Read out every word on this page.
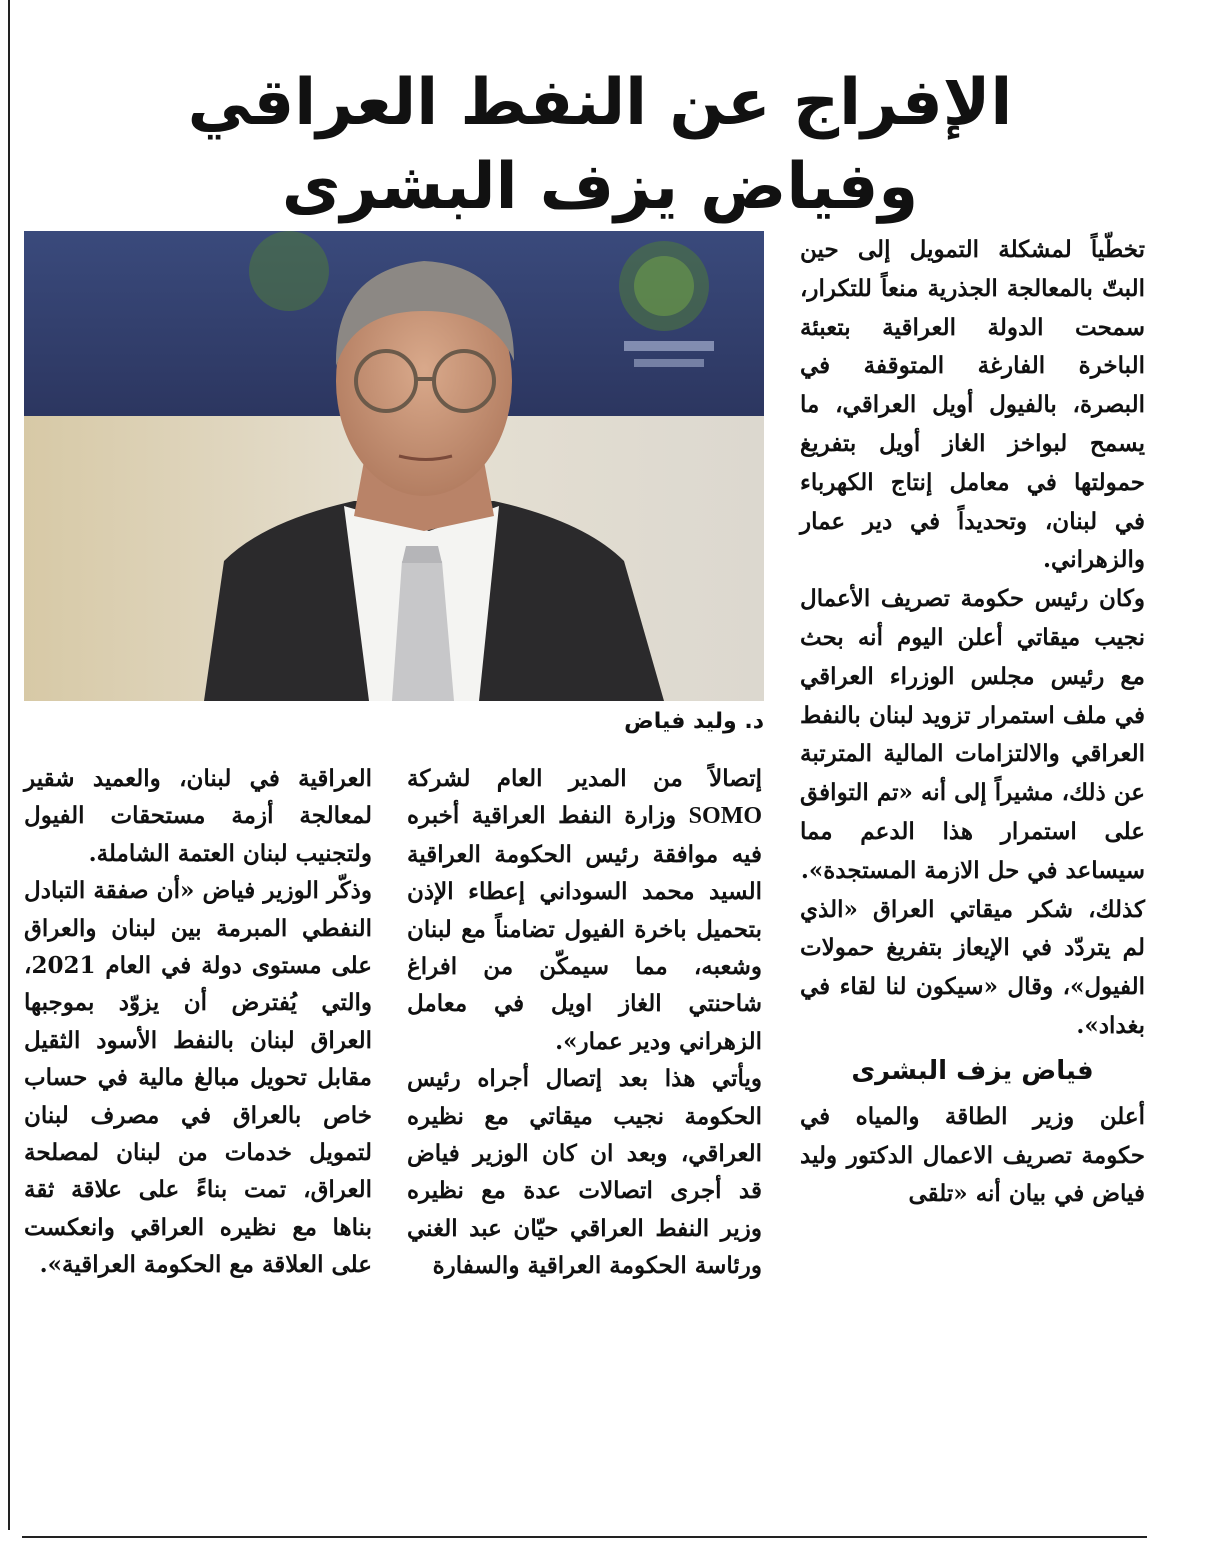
الإفراج عن النفط العراقي
وفياض يزف البشرى
د. وليد فياض

تخطّياً لمشكلة التمويل إلى حين البتّ بالمعالجة الجذرية منعاً للتكرار، سمحت الدولة العراقية بتعبئة الباخرة الفارغة المتوقفة في البصرة، بالفيول أويل العراقي، ما يسمح لبواخز الغاز أويل بتفريغ حمولتها في معامل إنتاج الكهرباء في لبنان، وتحديداً في دير عمار والزهراني.

وكان رئيس حكومة تصريف الأعمال نجيب ميقاتي أعلن اليوم أنه بحث مع رئيس مجلس الوزراء العراقي في ملف استمرار تزويد لبنان بالنفط العراقي والالتزامات المالية المترتبة عن ذلك، مشيراً إلى أنه «تم التوافق على استمرار هذا الدعم مما سيساعد في حل الازمة المستجدة».

كذلك، شكر ميقاتي العراق «الذي لم يتردّد في الإيعاز بتفريغ حمولات الفيول»، وقال «سيكون لنا لقاء في بغداد».

فياض يزف البشرى

أعلن وزير الطاقة والمياه في حكومة تصريف الاعمال الدكتور وليد فياض في بيان أنه «تلقى

إتصالاً من المدير العام لشركة SOMO وزارة النفط العراقية أخبره فيه موافقة رئيس الحكومة العراقية السيد محمد السوداني إعطاء الإذن بتحميل باخرة الفيول تضامناً مع لبنان وشعبه، مما سيمكّن من افراغ شاحنتي الغاز اويل في معامل الزهراني ودير عمار».

ويأتي هذا بعد إتصال أجراه رئيس الحكومة نجيب ميقاتي مع نظيره العراقي، وبعد ان كان الوزير فياض قد أجرى اتصالات عدة مع نظيره وزير النفط العراقي حيّان عبد الغني ورئاسة الحكومة العراقية والسفارة

العراقية في لبنان، والعميد شقير لمعالجة أزمة مستحقات الفيول ولتجنيب لبنان العتمة الشاملة.

وذكّر الوزير فياض «أن صفقة التبادل النفطي المبرمة بين لبنان والعراق على مستوى دولة في العام 2021، والتي يُفترض أن يزوّد بموجبها العراق لبنان بالنفط الأسود الثقيل مقابل تحويل مبالغ مالية في حساب خاص بالعراق في مصرف لبنان لتمويل خدمات من لبنان لمصلحة العراق، تمت بناءً على علاقة ثقة بناها مع نظيره العراقي وانعكست على العلاقة مع الحكومة العراقية».
